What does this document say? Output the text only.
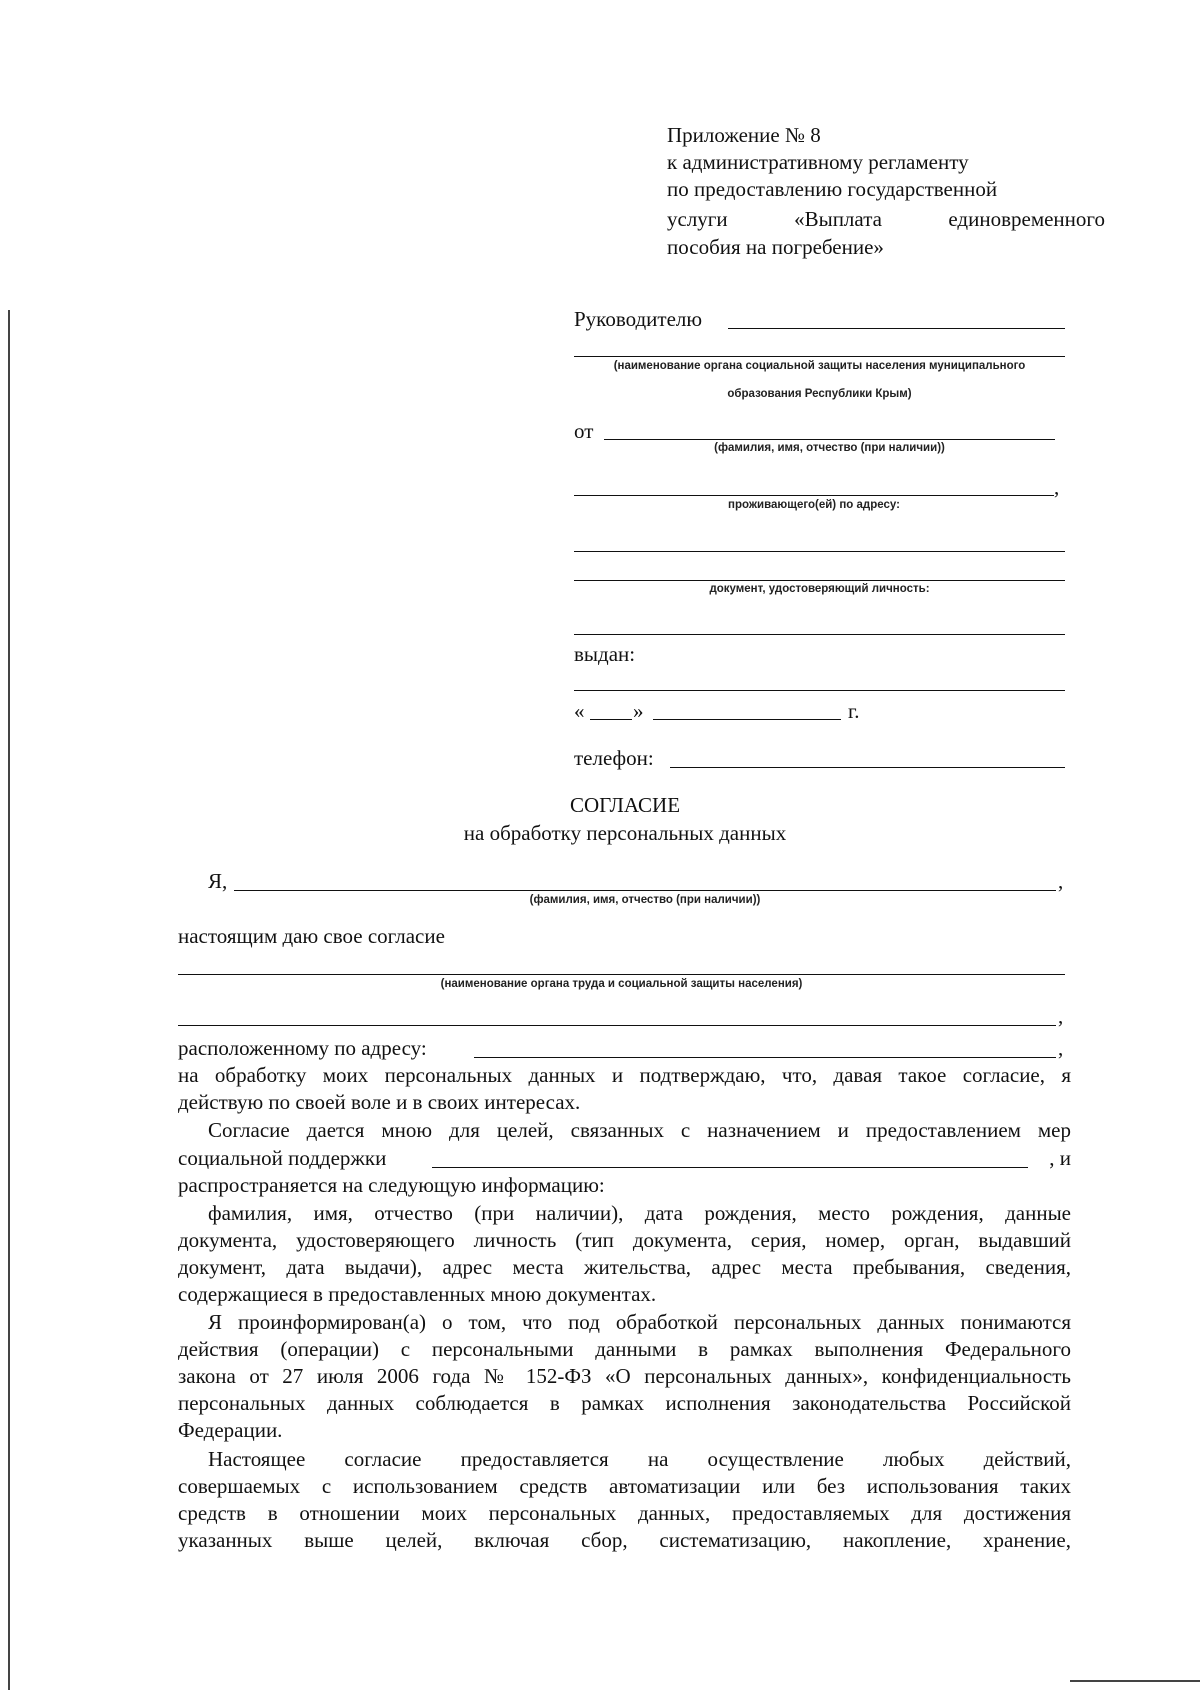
Приложение № 8
к административному регламенту
по предоставлению государственной
услуги	«Выплата	единовременного
пособия на погребение»
Руководителю
(наименование органа социальной защиты населения муниципального
образования Республики Крым)
от
(фамилия, имя, отчество (при наличии))
,
проживающего(ей) по адресу:
документ, удостоверяющий личность:
выдан:
« »	г.
телефон:
СОГЛАСИЕ
на обработку персональных данных
Я,	,
(фамилия, имя, отчество (при наличии))
настоящим даю свое согласие
(наименование органа труда и социальной защиты населения)
,
расположенному по адресу:	,
на обработку моих персональных данных и подтверждаю, что, давая такое согласие, я
действую по своей воле и в своих интересах.
Согласие дается мною для целей, связанных с назначением и предоставлением мер
социальной поддержки	, и
распространяется на следующую информацию:
фамилия, имя, отчество (при наличии), дата рождения, место рождения, данные
документа, удостоверяющего личность (тип документа, серия, номер, орган, выдавший
документ, дата выдачи), адрес места жительства, адрес места пребывания, сведения,
содержащиеся в предоставленных мною документах.
Я проинформирован(а) о том, что под обработкой персональных данных понимаются
действия (операции) с персональными данными в рамках выполнения Федерального
закона от 27 июля 2006 года № 152-ФЗ «О персональных данных», конфиденциальность
персональных данных соблюдается в рамках исполнения законодательства Российской
Федерации.
Настоящее согласие предоставляется на осуществление любых действий,
совершаемых с использованием средств автоматизации или без использования таких
средств в отношении моих персональных данных, предоставляемых для достижения
указанных выше целей, включая сбор, систематизацию, накопление, хранение,
